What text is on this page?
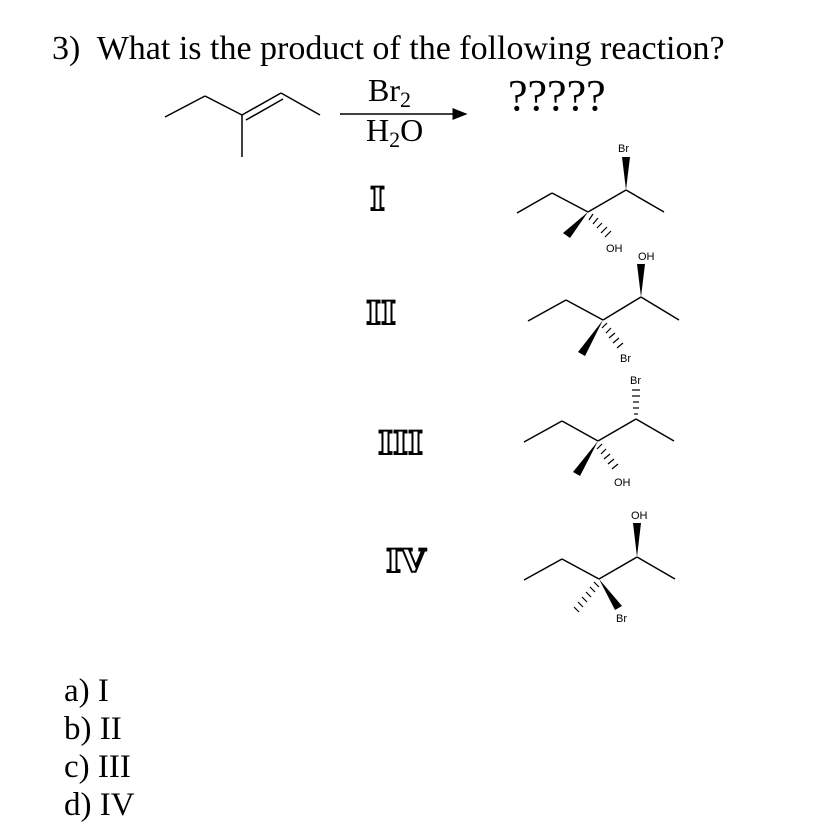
3) What is the product of the following reaction?
$Br_2$
$H_2O$
?????
I
II
III
IV
Br
OH
OH
Br
Br
OH
OH
Br
a) I
b) II
c) III
d) IV
